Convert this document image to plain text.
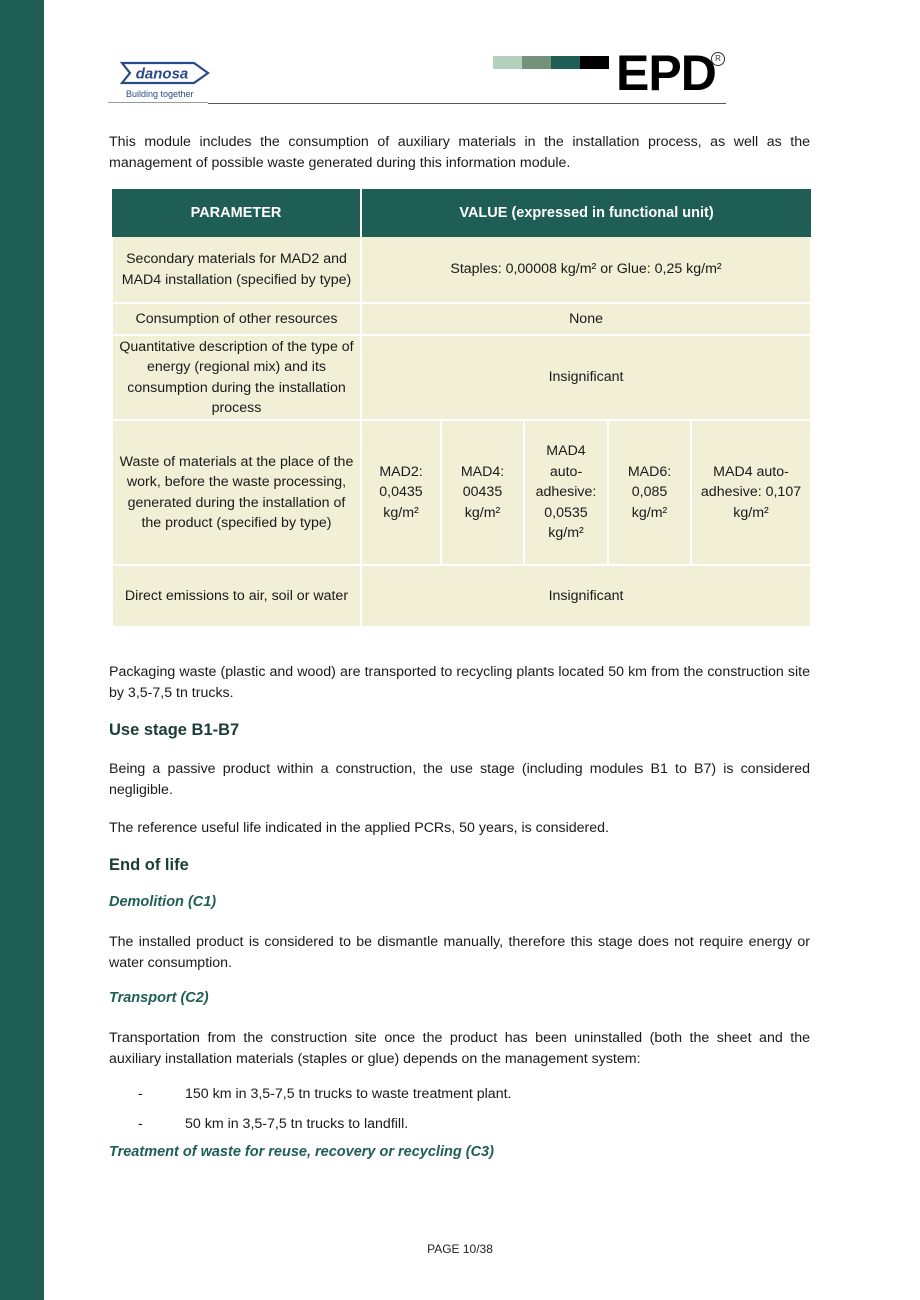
danosa
Building together	EPD R

This module includes the consumption of auxiliary materials in the installation process, as well as the management of possible waste generated during this information module.

PARAMETER	VALUE (expressed in functional unit)				
Secondary materials for MAD2 and MAD4 installation (specified by type)	Staples: 0,00008 kg/m² or Glue: 0,25 kg/m²				
Consumption of other resources	None				
Quantitative description of the type of energy (regional mix) and its consumption during the installation process	Insignificant				
Waste of materials at the place of the work, before the waste processing, generated during the installation of the product (specified by type)	MAD2: 0,0435 kg/m²	MAD4: 00435 kg/m²	MAD4 auto-adhesive: 0,0535 kg/m²	MAD6: 0,085 kg/m²	MAD4 auto-adhesive: 0,107 kg/m²
Direct emissions to air, soil or water	Insignificant				

Packaging waste (plastic and wood) are transported to recycling plants located 50 km from the construction site by 3,5-7,5 tn trucks.

Use stage B1-B7

Being a passive product within a construction, the use stage (including modules B1 to B7) is considered negligible.

The reference useful life indicated in the applied PCRs, 50 years, is considered.

End of life
Demolition (C1)

The installed product is considered to be dismantle manually, therefore this stage does not require energy or water consumption.

Transport (C2)

Transportation from the construction site once the product has been uninstalled (both the sheet and the auxiliary installation materials (staples or glue) depends on the management system:

-	150 km in 3,5-7,5 tn trucks to waste treatment plant.
-	50 km in 3,5-7,5 tn trucks to landfill.
Treatment of waste for reuse, recovery or recycling (C3)
PAGE 10/38
